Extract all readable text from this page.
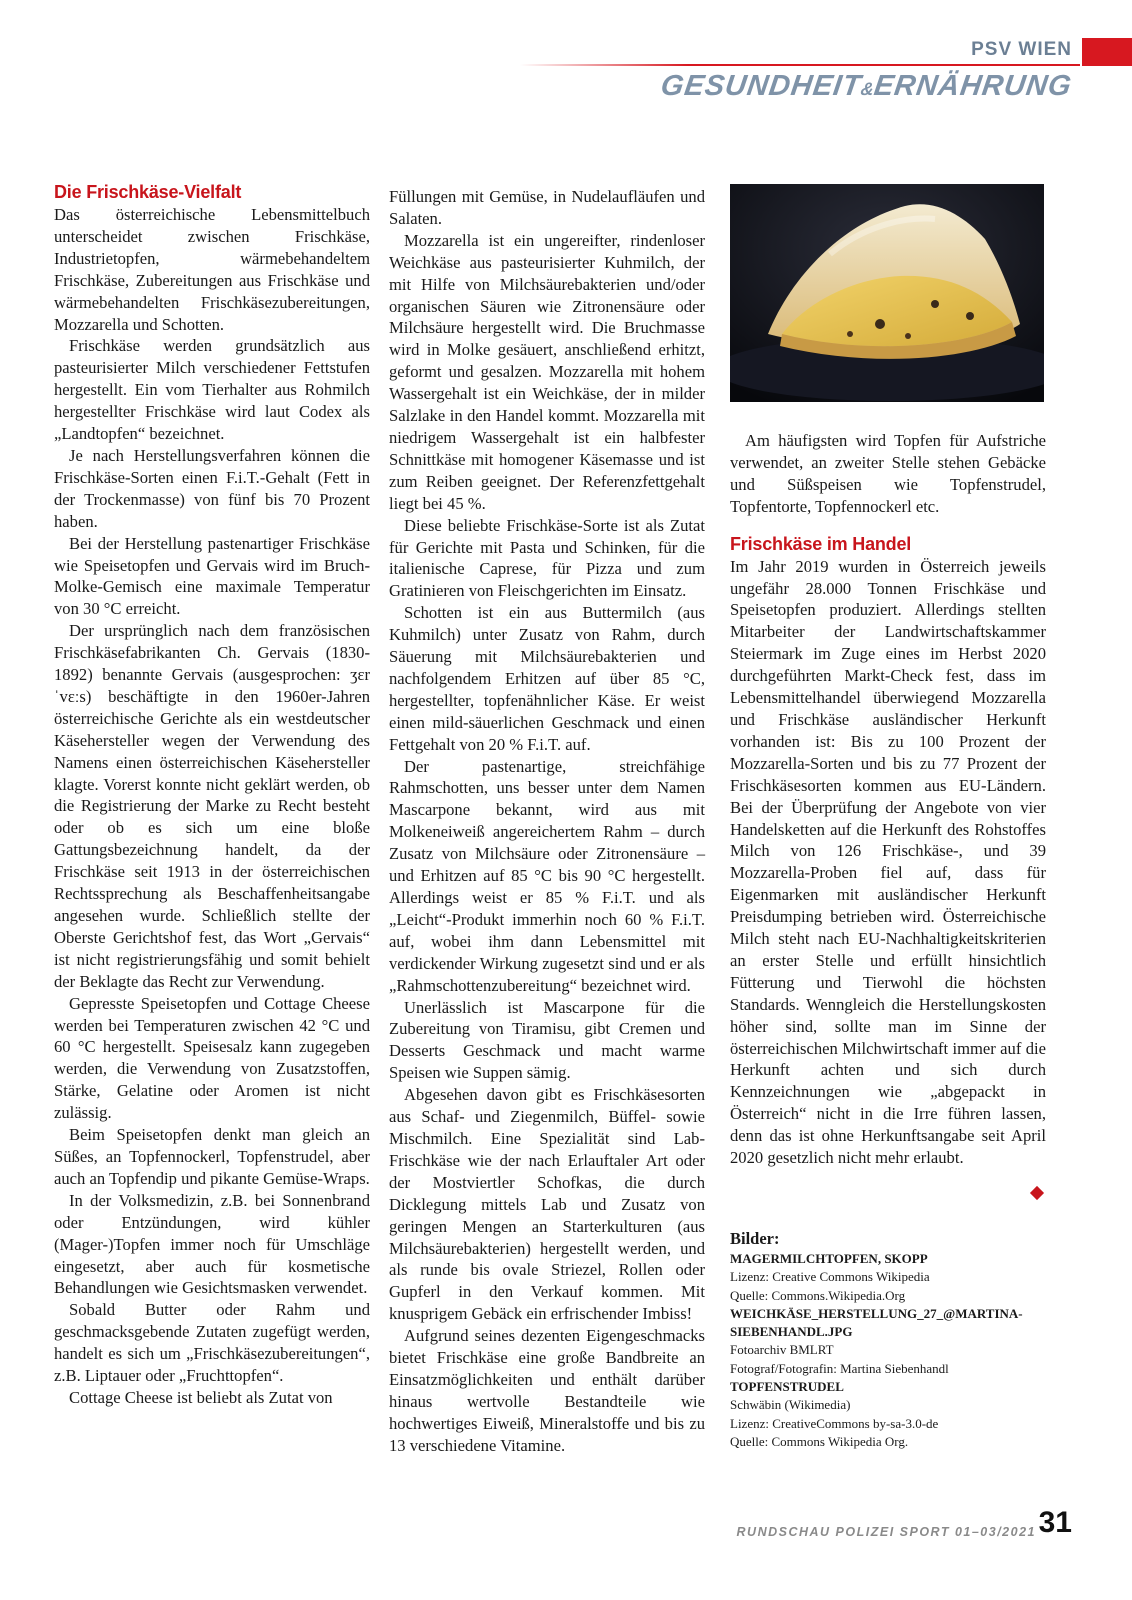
PSV WIEN
GESUNDHEIT&ERNÄHRUNG
Die Frischkäse-Vielfalt

Das österreichische Lebensmittelbuch unterscheidet zwischen Frischkäse, Industrietopfen, wärmebehandeltem Frischkäse, Zubereitungen aus Frischkäse und wärmebehandelten Frischkäsezubereitungen, Mozzarella und Schotten.

Frischkäse werden grundsätzlich aus pasteurisierter Milch verschiedener Fettstufen hergestellt. Ein vom Tierhalter aus Rohmilch hergestellter Frischkäse wird laut Codex als „Landtopfen“ bezeichnet.

Je nach Herstellungsverfahren können die Frischkäse-Sorten einen F.i.T.-Gehalt (Fett in der Trockenmasse) von fünf bis 70 Prozent haben.

Bei der Herstellung pastenartiger Frischkäse wie Speisetopfen und Gervais wird im Bruch-Molke-Gemisch eine maximale Temperatur von 30 °C erreicht.

Der ursprünglich nach dem französischen Frischkäsefabrikanten Ch. Gervais (1830-1892) benannte Gervais (ausgesprochen: ʒɛrˈvɛːs) beschäftigte in den 1960er-Jahren österreichische Gerichte als ein westdeutscher Käsehersteller wegen der Verwendung des Namens einen österreichischen Käsehersteller klagte. Vorerst konnte nicht geklärt werden, ob die Registrierung der Marke zu Recht besteht oder ob es sich um eine bloße Gattungsbezeichnung handelt, da der Frischkäse seit 1913 in der österreichischen Rechtssprechung als Beschaffenheitsangabe angesehen wurde. Schließlich stellte der Oberste Gerichtshof fest, das Wort „Gervais“ ist nicht registrierungsfähig und somit behielt der Beklagte das Recht zur Verwendung.

Gepresste Speisetopfen und Cottage Cheese werden bei Temperaturen zwischen 42 °C und 60 °C hergestellt. Speisesalz kann zugegeben werden, die Verwendung von Zusatzstoffen, Stärke, Gelatine oder Aromen ist nicht zulässig.

Beim Speisetopfen denkt man gleich an Süßes, an Topfennockerl, Topfenstrudel, aber auch an Topfendip und pikante Gemüse-Wraps.

In der Volksmedizin, z.B. bei Sonnenbrand oder Entzündungen, wird kühler (Mager-)Topfen immer noch für Umschläge eingesetzt, aber auch für kosmetische Behandlungen wie Gesichtsmasken verwendet.

Sobald Butter oder Rahm und geschmacksgebende Zutaten zugefügt werden, handelt es sich um „Frischkäsezubereitungen“, z.B. Liptauer oder „Fruchttopfen“.

Cottage Cheese ist beliebt als Zutat von

Füllungen mit Gemüse, in Nudelaufläufen und Salaten.

Mozzarella ist ein ungereifter, rindenloser Weichkäse aus pasteurisierter Kuhmilch, der mit Hilfe von Milchsäurebakterien und/oder organischen Säuren wie Zitronensäure oder Milchsäure hergestellt wird. Die Bruchmasse wird in Molke gesäuert, anschließend erhitzt, geformt und gesalzen. Mozzarella mit hohem Wassergehalt ist ein Weichkäse, der in milder Salzlake in den Handel kommt. Mozzarella mit niedrigem Wassergehalt ist ein halbfester Schnittkäse mit homogener Käsemasse und ist zum Reiben geeignet. Der Referenzfettgehalt liegt bei 45 %.

Diese beliebte Frischkäse-Sorte ist als Zutat für Gerichte mit Pasta und Schinken, für die italienische Caprese, für Pizza und zum Gratinieren von Fleischgerichten im Einsatz.

Schotten ist ein aus Buttermilch (aus Kuhmilch) unter Zusatz von Rahm, durch Säuerung mit Milchsäurebakterien und nachfolgendem Erhitzen auf über 85 °C, hergestellter, topfenähnlicher Käse. Er weist einen mild-säuerlichen Geschmack und einen Fettgehalt von 20 % F.i.T. auf.

Der pastenartige, streichfähige Rahmschotten, uns besser unter dem Namen Mascarpone bekannt, wird aus mit Molkeneiweiß angereichertem Rahm – durch Zusatz von Milchsäure oder Zitronensäure – und Erhitzen auf 85 °C bis 90 °C hergestellt. Allerdings weist er 85 % F.i.T. und als „Leicht“-Produkt immerhin noch 60 % F.i.T. auf, wobei ihm dann Lebensmittel mit verdickender Wirkung zugesetzt sind und er als „Rahmschottenzubereitung“ bezeichnet wird.

Unerlässlich ist Mascarpone für die Zubereitung von Tiramisu, gibt Cremen und Desserts Geschmack und macht warme Speisen wie Suppen sämig.

Abgesehen davon gibt es Frischkäsesorten aus Schaf- und Ziegenmilch, Büffel- sowie Mischmilch. Eine Spezialität sind Lab-Frischkäse wie der nach Erlauftaler Art oder der Mostviertler Schofkas, die durch Dicklegung mittels Lab und Zusatz von geringen Mengen an Starterkulturen (aus Milchsäurebakterien) hergestellt werden, und als runde bis ovale Striezel, Rollen oder Gupferl in den Verkauf kommen. Mit knusprigem Gebäck ein erfrischender Imbiss!

Aufgrund seines dezenten Eigengeschmacks bietet Frischkäse eine große Bandbreite an Einsatzmöglichkeiten und enthält darüber hinaus wertvolle Bestandteile wie hochwertiges Eiweiß, Mineralstoffe und bis zu 13 verschiedene Vitamine.

Am häufigsten wird Topfen für Aufstriche verwendet, an zweiter Stelle stehen Gebäcke und Süßspeisen wie Topfenstrudel, Topfentorte, Topfennockerl etc.

Frischkäse im Handel

Im Jahr 2019 wurden in Österreich jeweils ungefähr 28.000 Tonnen Frischkäse und Speisetopfen produziert. Allerdings stellten Mitarbeiter der Landwirtschaftskammer Steiermark im Zuge eines im Herbst 2020 durchgeführten Markt-Check fest, dass im Lebensmittelhandel überwiegend Mozzarella und Frischkäse ausländischer Herkunft vorhanden ist: Bis zu 100 Prozent der Mozzarella-Sorten und bis zu 77 Prozent der Frischkäsesorten kommen aus EU-Ländern. Bei der Überprüfung der Angebote von vier Handelsketten auf die Herkunft des Rohstoffes Milch von 126 Frischkäse-, und 39 Mozzarella-Proben fiel auf, dass für Eigenmarken mit ausländischer Herkunft Preisdumping betrieben wird. Österreichische Milch steht nach EU-Nachhaltigkeitskriterien an erster Stelle und erfüllt hinsichtlich Fütterung und Tierwohl die höchsten Standards. Wenngleich die Herstellungskosten höher sind, sollte man im Sinne der österreichischen Milchwirtschaft immer auf die Herkunft achten und sich durch Kennzeichnungen wie „abgepackt in Österreich“ nicht in die Irre führen lassen, denn das ist ohne Herkunftsangabe seit April 2020 gesetzlich nicht mehr erlaubt.

Bilder:
MAGERMILCHTOPFEN, SKOPP
Lizenz: Creative Commons Wikipedia
Quelle: Commons.Wikipedia.Org
WEICHKÄSE_HERSTELLUNG_27_@MARTINA-SIEBENHANDL.JPG
Fotoarchiv BMLRT
Fotograf/Fotografin: Martina Siebenhandl
TOPFENSTRUDEL
Schwäbin (Wikimedia)
Lizenz: CreativeCommons by-sa-3.0-de
Quelle: Commons Wikipedia Org.
RUNDSCHAU POLIZEI SPORT 01–03/2021 31
